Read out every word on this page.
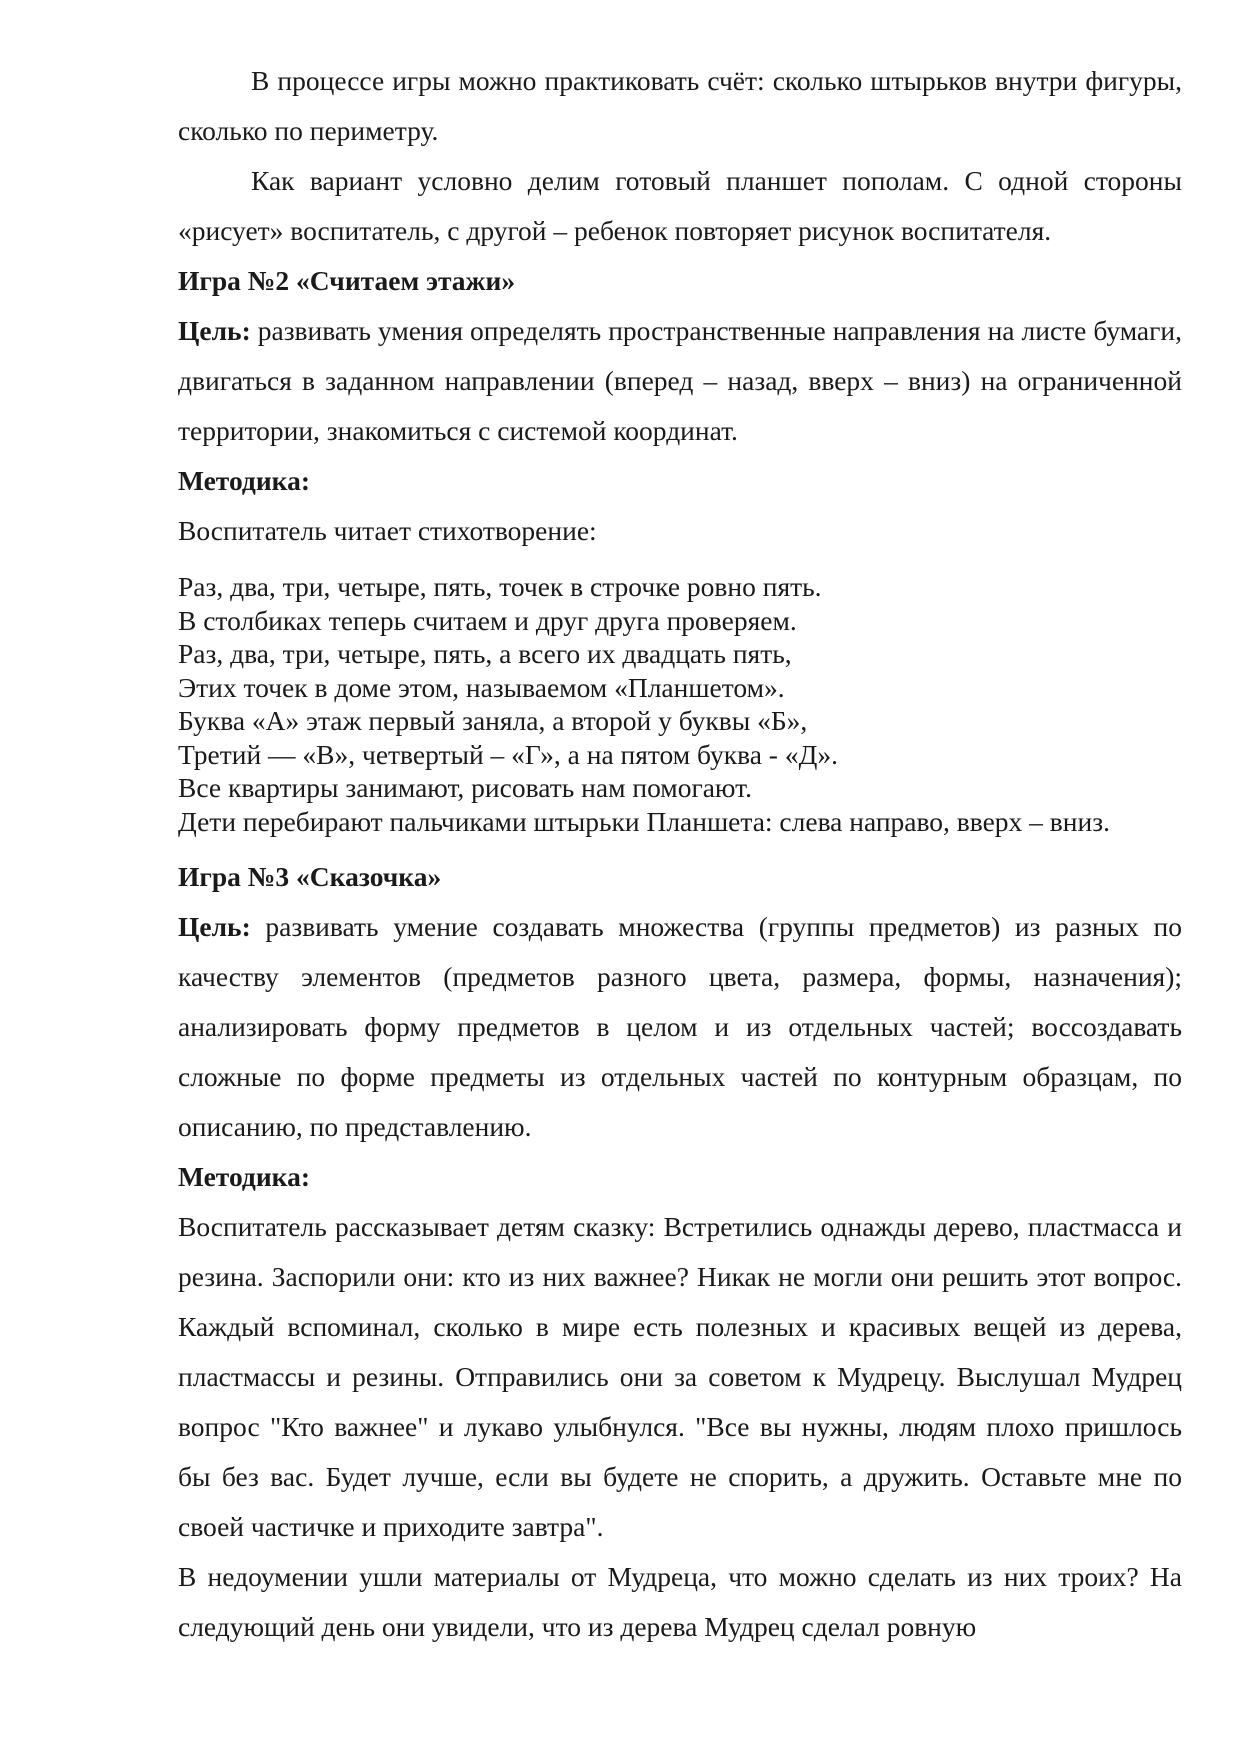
В процессе игры можно практиковать счёт: сколько штырьков внутри фигуры, сколько по периметру.

Как вариант условно делим готовый планшет пополам. С одной стороны «рисует» воспитатель, с другой – ребенок повторяет рисунок воспитателя.

Игра №2 «Считаем этажи»

Цель: развивать умения определять пространственные направления на листе бумаги, двигаться в заданном направлении (вперед – назад, вверх – вниз) на ограниченной территории, знакомиться с системой координат.

Методика:

Воспитатель читает стихотворение:

Раз, два, три, четыре, пять, точек в строчке ровно пять.
В столбиках теперь считаем и друг друга проверяем.
Раз, два, три, четыре, пять, а всего их двадцать пять,
Этих точек в доме этом, называемом «Планшетом».
Буква «А» этаж первый заняла, а второй у буквы «Б»,
Третий — «В», четвертый – «Г», а на пятом буква - «Д».
Все квартиры занимают, рисовать нам помогают.
Дети перебирают пальчиками штырьки Планшета: слева направо, вверх – вниз.

Игра №3 «Сказочка»

Цель: развивать умение создавать множества (группы предметов) из разных по качеству элементов (предметов разного цвета, размера, формы, назначения); анализировать форму предметов в целом и из отдельных частей; воссоздавать сложные по форме предметы из отдельных частей по контурным образцам, по описанию, по представлению.

Методика:

Воспитатель рассказывает детям сказку: Встретились однажды дерево, пластмасса и резина. Заспорили они: кто из них важнее? Никак не могли они решить этот вопрос. Каждый вспоминал, сколько в мире есть полезных и красивых вещей из дерева, пластмассы и резины. Отправились они за советом к Мудрецу. Выслушал Мудрец вопрос "Кто важнее" и лукаво улыбнулся. "Все вы нужны, людям плохо пришлось бы без вас. Будет лучше, если вы будете не спорить, а дружить. Оставьте мне по своей частичке и приходите завтра".

В недоумении ушли материалы от Мудреца, что можно сделать из них троих? На следующий день они увидели, что из дерева Мудрец сделал ровную
